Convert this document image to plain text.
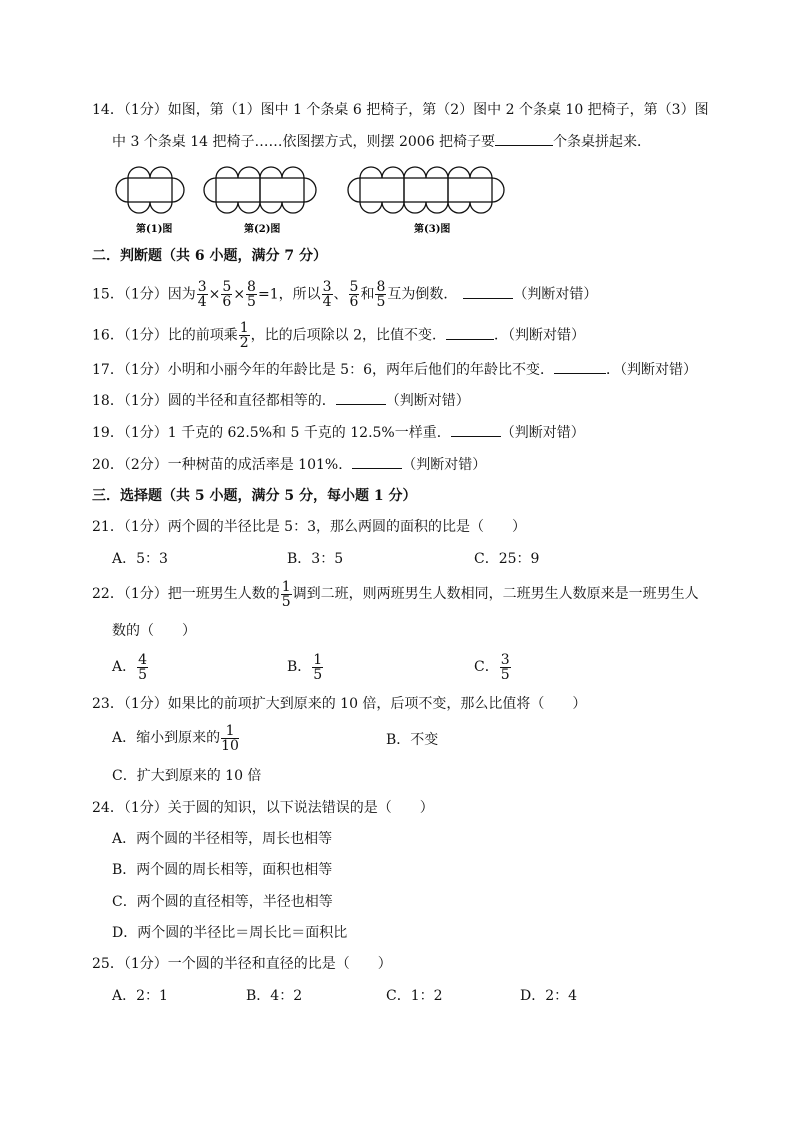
14．（1分）如图，第（1）图中 1 个条桌 6 把椅子，第（2）图中 2 个条桌 10 把椅子，第（3）图
中 3 个条桌 14 把椅子……依图摆方式，则摆 2006 把椅子要	个条桌拼起来．
第(1)图	第(2)图	第(3)图
二．判断题（共 6 小题，满分 7 分）
15．（1分）因为 $\frac{3}{4} \times \frac{5}{6} \times \frac{8}{5} =1$，所以 $\frac{3}{4}$ 、 $\frac{5}{6}$ 和 $\frac{8}{5}$ 互为倒数．	（判断对错）
16．（1分）比的前项乘 $\frac{1}{2}$ ，比的后项除以 2，比值不变．	．（判断对错）
17．（1分）小明和小丽今年的年龄比是 5：6，两年后他们的年龄比不变．	．（判断对错）
18．（1分）圆的半径和直径都相等的．	（判断对错）
19．（1分）1 千克的 62.5%和 5 千克的 12.5%一样重．	（判断对错）
20．（2分）一种树苗的成活率是 101%．	（判断对错）
三．选择题（共 5 小题，满分 5 分，每小题 1 分）
21．（1分）两个圆的半径比是 5：3，那么两圆的面积的比是（　　）
A．5：3	B．3：5	C．25：9
22．（1分）把一班男生人数的 $\frac{1}{5}$ 调到二班，则两班男生人数相同，二班男生人数原来是一班男生人
数的（　　）
A． $\frac{4}{5}$	B． $\frac{1}{5}$	C． $\frac{3}{5}$
23．（1分）如果比的前项扩大到原来的 10 倍，后项不变，那么比值将（　　）
A．缩小到原来的 $\frac{1}{10}$	B．不变
C．扩大到原来的 10 倍
24．（1分）关于圆的知识，以下说法错误的是（　　）
A．两个圆的半径相等，周长也相等
B．两个圆的周长相等，面积也相等
C．两个圆的直径相等，半径也相等
D．两个圆的半径比＝周长比＝面积比
25．（1分）一个圆的半径和直径的比是（　　）
A．2：1	B．4：2	C．1：2	D．2：4
